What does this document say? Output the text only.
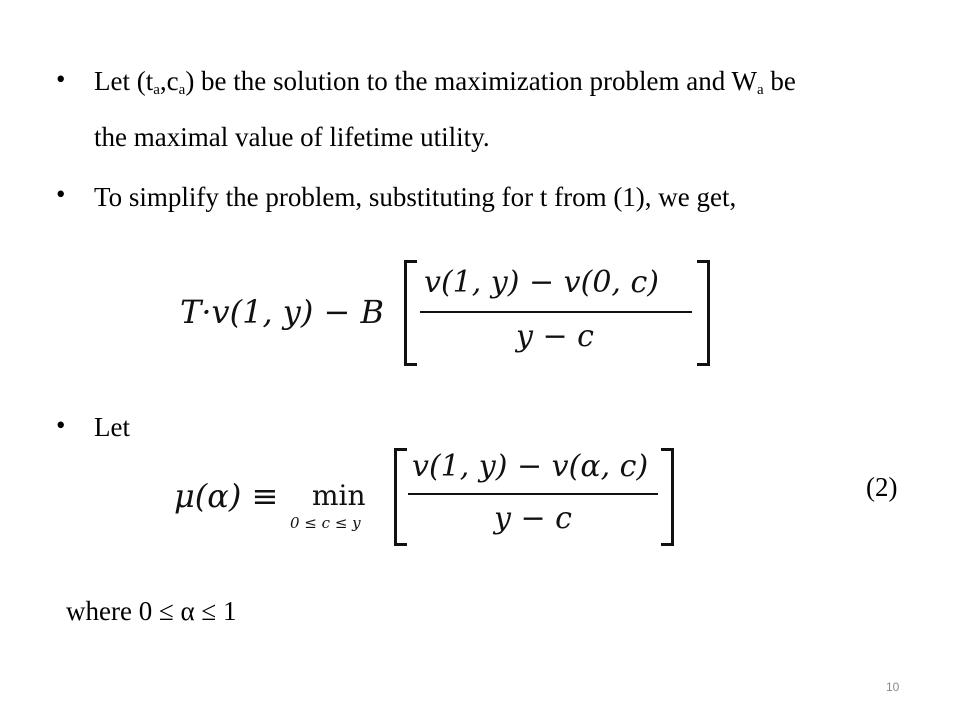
• Let $(t_a,c_a)$ be the solution to the maximization problem and $W_a$ be
the maximal value of lifetime utility.
• To simplify the problem, substituting for t from (1), we get,
T·v(1, y) − B
v(1, y) − v(0, c)
y − c
• Let
μ(α) ≡ min
0 ≤ c ≤ y
v(1, y) − v(α, c)
y − c
(2)
where 0 ≤ α ≤ 1
10
